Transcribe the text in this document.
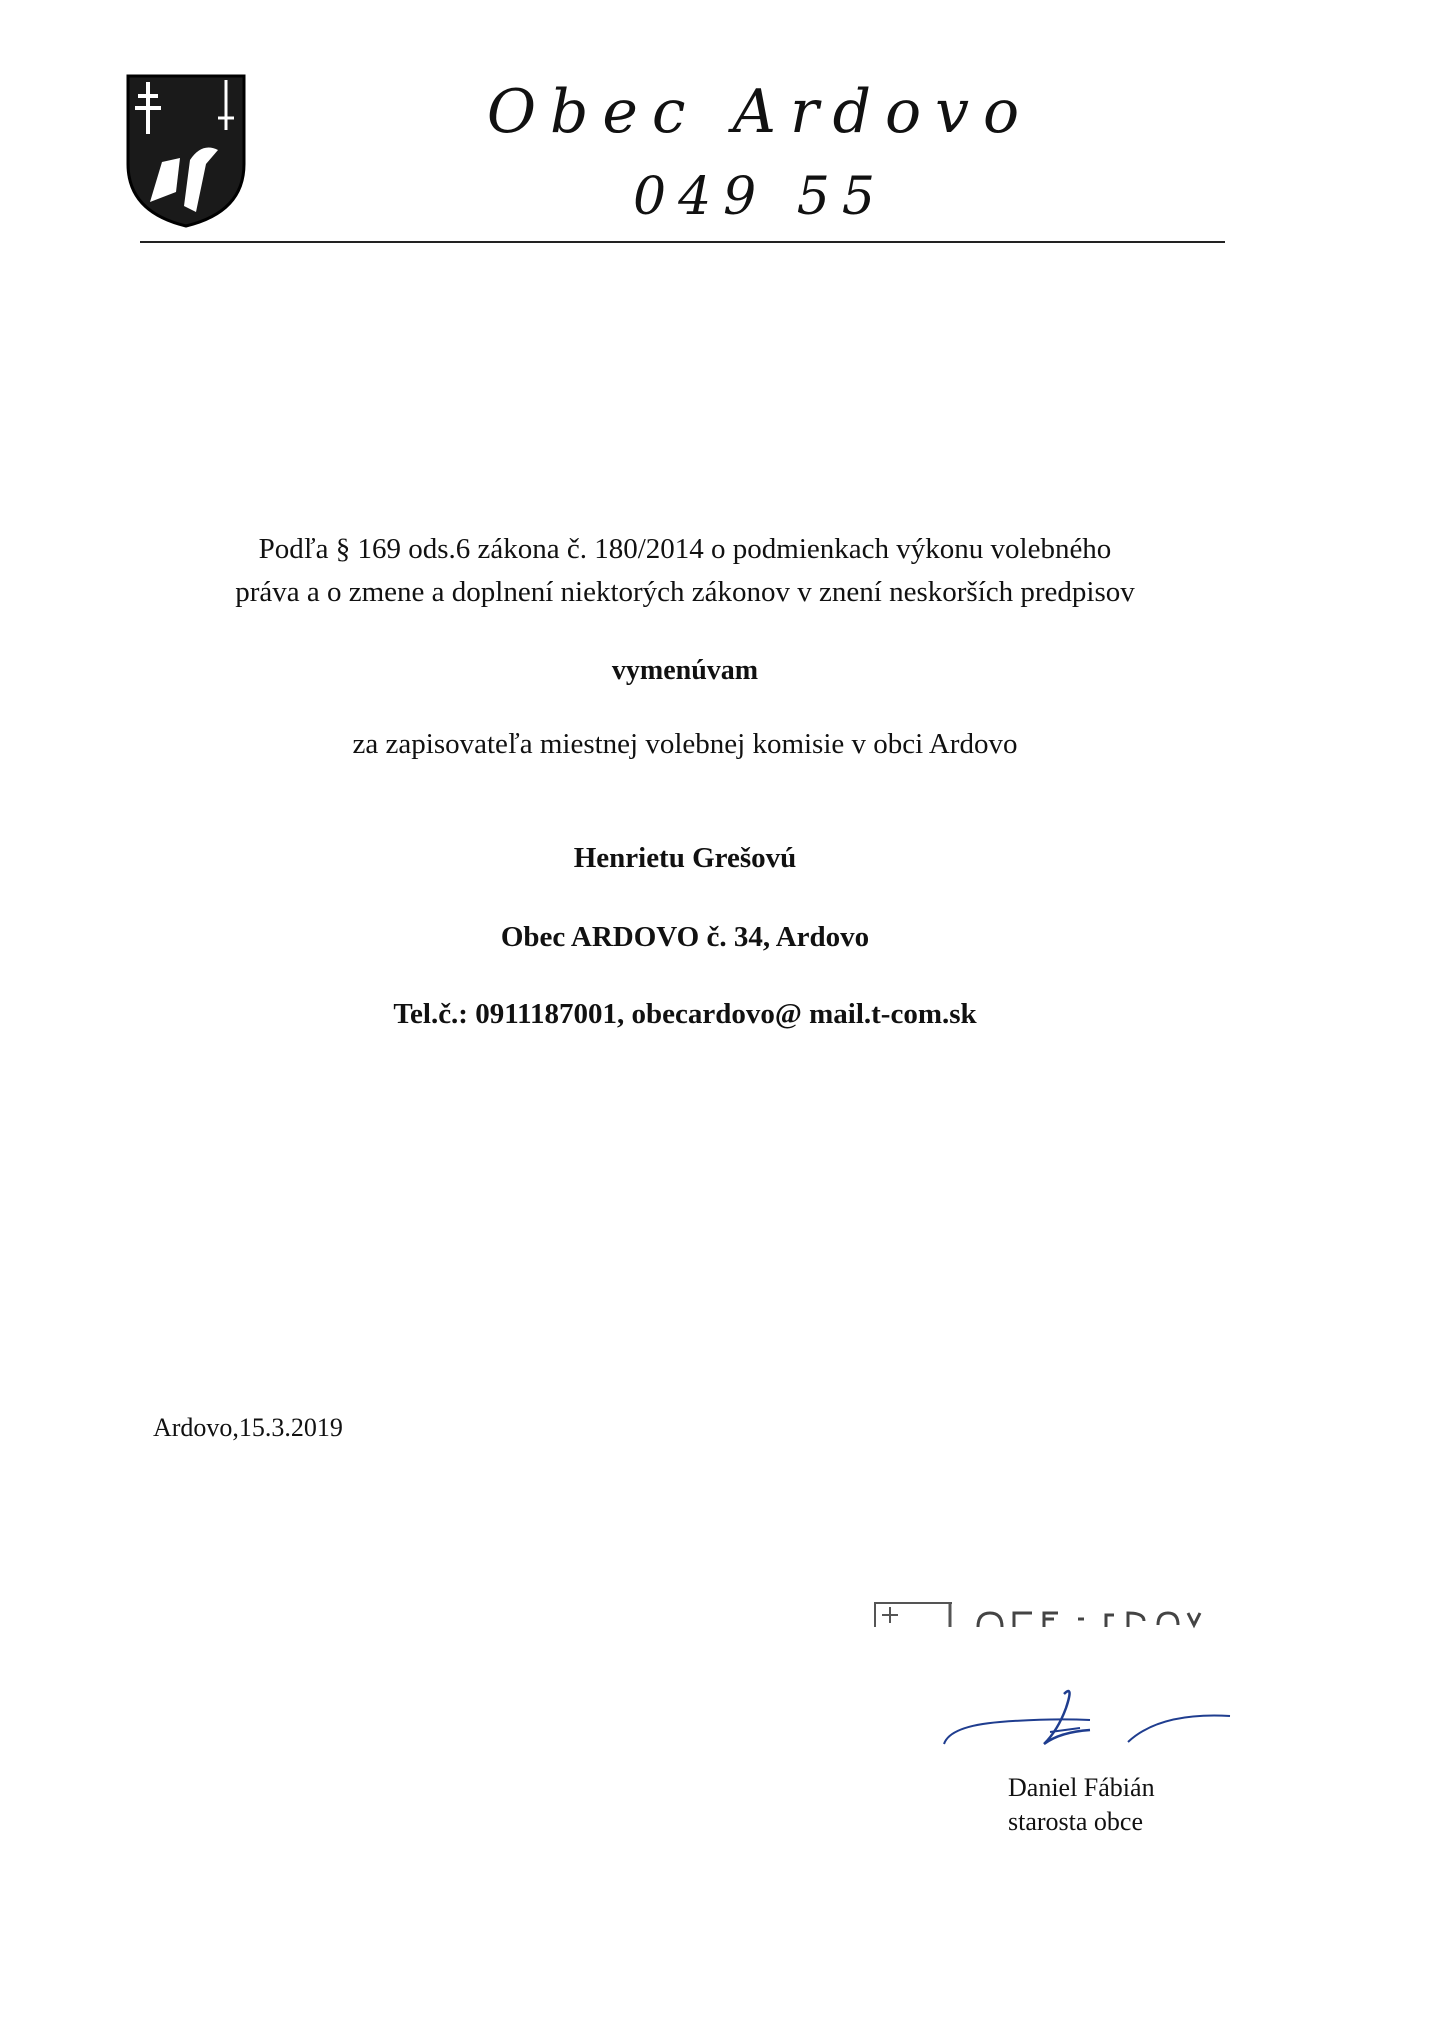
Obec Ardovo
049 55
Podľa § 169 ods.6 zákona č. 180/2014 o podmienkach výkonu volebného
práva a o zmene a doplnení niektorých zákonov v znení neskorších predpisov
vymenúvam
za zapisovateľa miestnej volebnej komisie v obci Ardovo
Henrietu Grešovú
Obec ARDOVO č. 34, Ardovo
Tel.č.: 0911187001, obecardovo@ mail.t-com.sk
Ardovo,15.3.2019
Daniel Fábián
starosta obce
